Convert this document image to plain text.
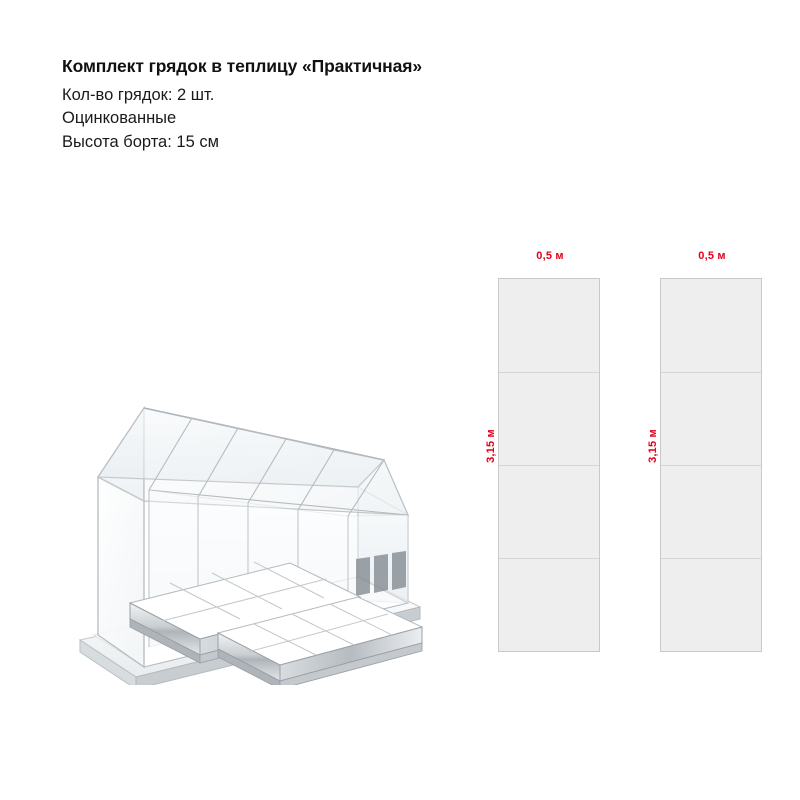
Комплект грядок в теплицу «Практичная»
Кол-во грядок: 2 шт.
Оцинкованные
Высота борта: 15 см
0,5 м
3,15 м
0,5 м
3,15 м
